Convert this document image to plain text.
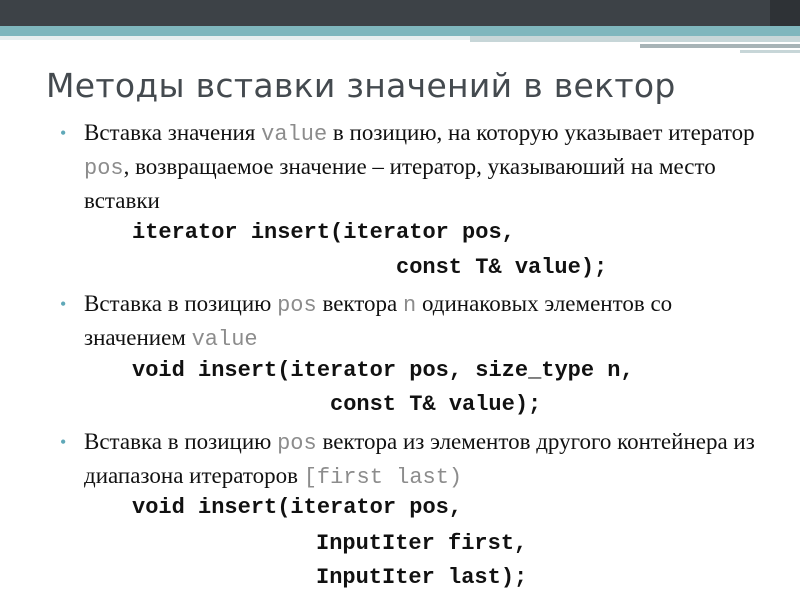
Методы вставки значений в вектор
• Вставка значения value в позицию, на которую указывает итератор pos, возвращаемое значение – итератор, указываюший на место вставки
iterator insert(iterator pos,
const T& value);
• Вставка в позицию pos вектора n одинаковых элементов со значением value
void insert(iterator pos, size_type n,
const T& value);
• Вставка в позицию pos вектора из элементов другого контейнера из диапазона итераторов [first last)
void insert(iterator pos,
InputIter first,
InputIter last);
